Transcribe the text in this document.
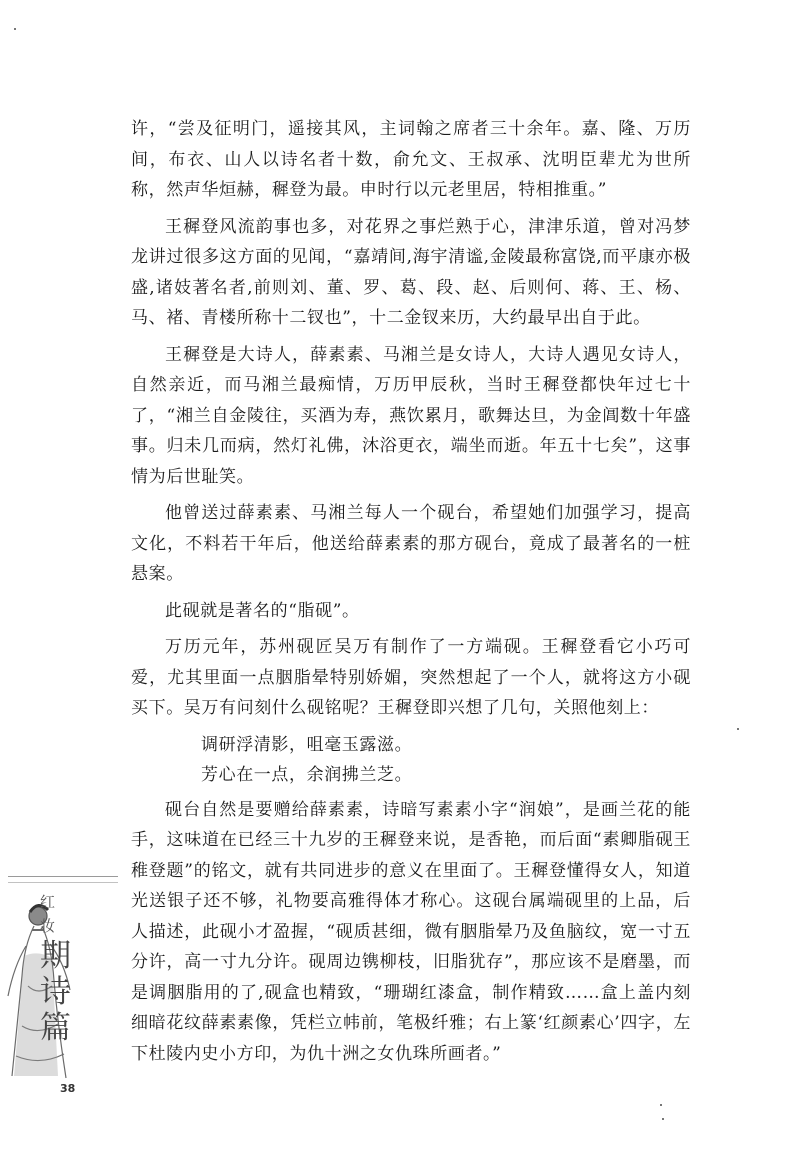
许，“尝及征明门，遥接其风，主词翰之席者三十余年。嘉、隆、万历间，布衣、山人以诗名者十数，俞允文、王叔承、沈明臣辈尤为世所称，然声华烜赫，穉登为最。申时行以元老里居，特相推重。”

王穉登风流韵事也多，对花界之事烂熟于心，津津乐道，曾对冯梦龙讲过很多这方面的见闻，“嘉靖间,海宇清谧,金陵最称富饶,而平康亦极盛,诸妓著名者,前则刘、董、罗、葛、段、赵、后则何、蒋、王、杨、马、褚、青楼所称十二钗也”，十二金钗来历，大约最早出自于此。

王穉登是大诗人，薛素素、马湘兰是女诗人，大诗人遇见女诗人，自然亲近，而马湘兰最痴情，万历甲辰秋，当时王穉登都快年过七十了，“湘兰自金陵往，买酒为寿，燕饮累月，歌舞达旦，为金阊数十年盛事。归未几而病，然灯礼佛，沐浴更衣，端坐而逝。年五十七矣”，这事情为后世耻笑。

他曾送过薛素素、马湘兰每人一个砚台，希望她们加强学习，提高文化，不料若干年后，他送给薛素素的那方砚台，竟成了最著名的一桩悬案。

此砚就是著名的“脂砚”。

万历元年，苏州砚匠吴万有制作了一方端砚。王穉登看它小巧可爱，尤其里面一点胭脂晕特别娇媚，突然想起了一个人，就将这方小砚买下。吴万有问刻什么砚铭呢？王穉登即兴想了几句，关照他刻上：

调研浮清影，咀毫玉露滋。

芳心在一点，余润拂兰芝。

砚台自然是要赠给薛素素，诗暗写素素小字“润娘”，是画兰花的能手，这味道在已经三十九岁的王穉登来说，是香艳，而后面“素卿脂砚王稚登题”的铭文，就有共同进步的意义在里面了。王穉登懂得女人，知道光送银子还不够，礼物要高雅得体才称心。这砚台属端砚里的上品，后人描述，此砚小才盈握，“砚质甚细，微有胭脂晕乃及鱼脑纹，宽一寸五分许，高一寸九分许。砚周边镌柳枝，旧脂犹存”，那应该不是磨墨，而是调胭脂用的了,砚盒也精致，“珊瑚红漆盒，制作精致……盒上盖内刻细暗花纹薛素素像，凭栏立帏前，笔极纤雅；右上篆‘红颜素心’四字，左下杜陵内史小方印，为仇十洲之女仇珠所画者。”

红
妆
期
诗
篇
38
